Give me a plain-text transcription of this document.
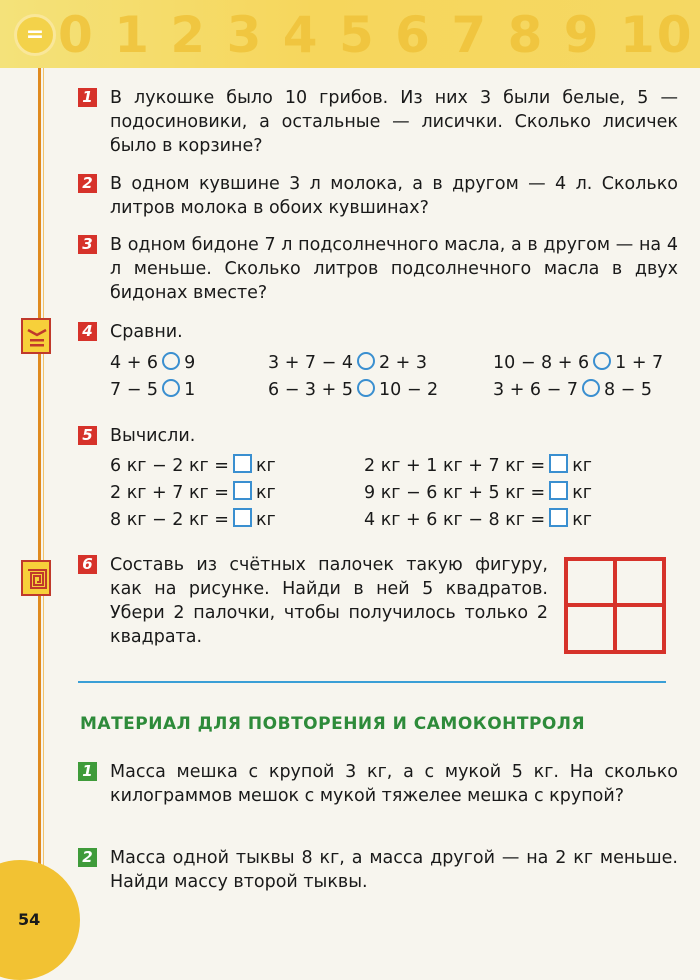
= 0 1 2 3 4 5 6 7 8 9 10
1 В лукошке было 10 грибов. Из них 3 были белые, 5 — подосиновики, а остальные — лисички. Сколько лисичек было в корзине?
2 В одном кувшине 3 л молока, а в другом — 4 л. Сколько литров молока в обоих кувшинах?
3 В одном бидоне 7 л подсолнечного масла, а в другом — на 4 л меньше. Сколько литров подсолнечного масла в двух бидонах вместе?
4 Сравни.
4 + 6 9	3 + 7 − 4 2 + 3	10 − 8 + 6 1 + 7
7 − 5 1	6 − 3 + 5 10 − 2	3 + 6 − 7 8 − 5
5 Вычисли.
6 кг − 2 кг = кг	2 кг + 1 кг + 7 кг = кг
2 кг + 7 кг = кг	9 кг − 6 кг + 5 кг = кг
8 кг − 2 кг = кг	4 кг + 6 кг − 8 кг = кг
6 Составь из счётных палочек такую фигуру, как на рисунке. Найди в ней 5 квадратов. Убери 2 палочки, чтобы получилось только 2 квадрата.
МАТЕРИАЛ ДЛЯ ПОВТОРЕНИЯ И САМОКОНТРОЛЯ
1 Масса мешка с крупой 3 кг, а с мукой 5 кг. На сколько килограммов мешок с мукой тяжелее мешка с крупой?
2 Масса одной тыквы 8 кг, а масса другой — на 2 кг меньше. Найди массу второй тыквы.
54
